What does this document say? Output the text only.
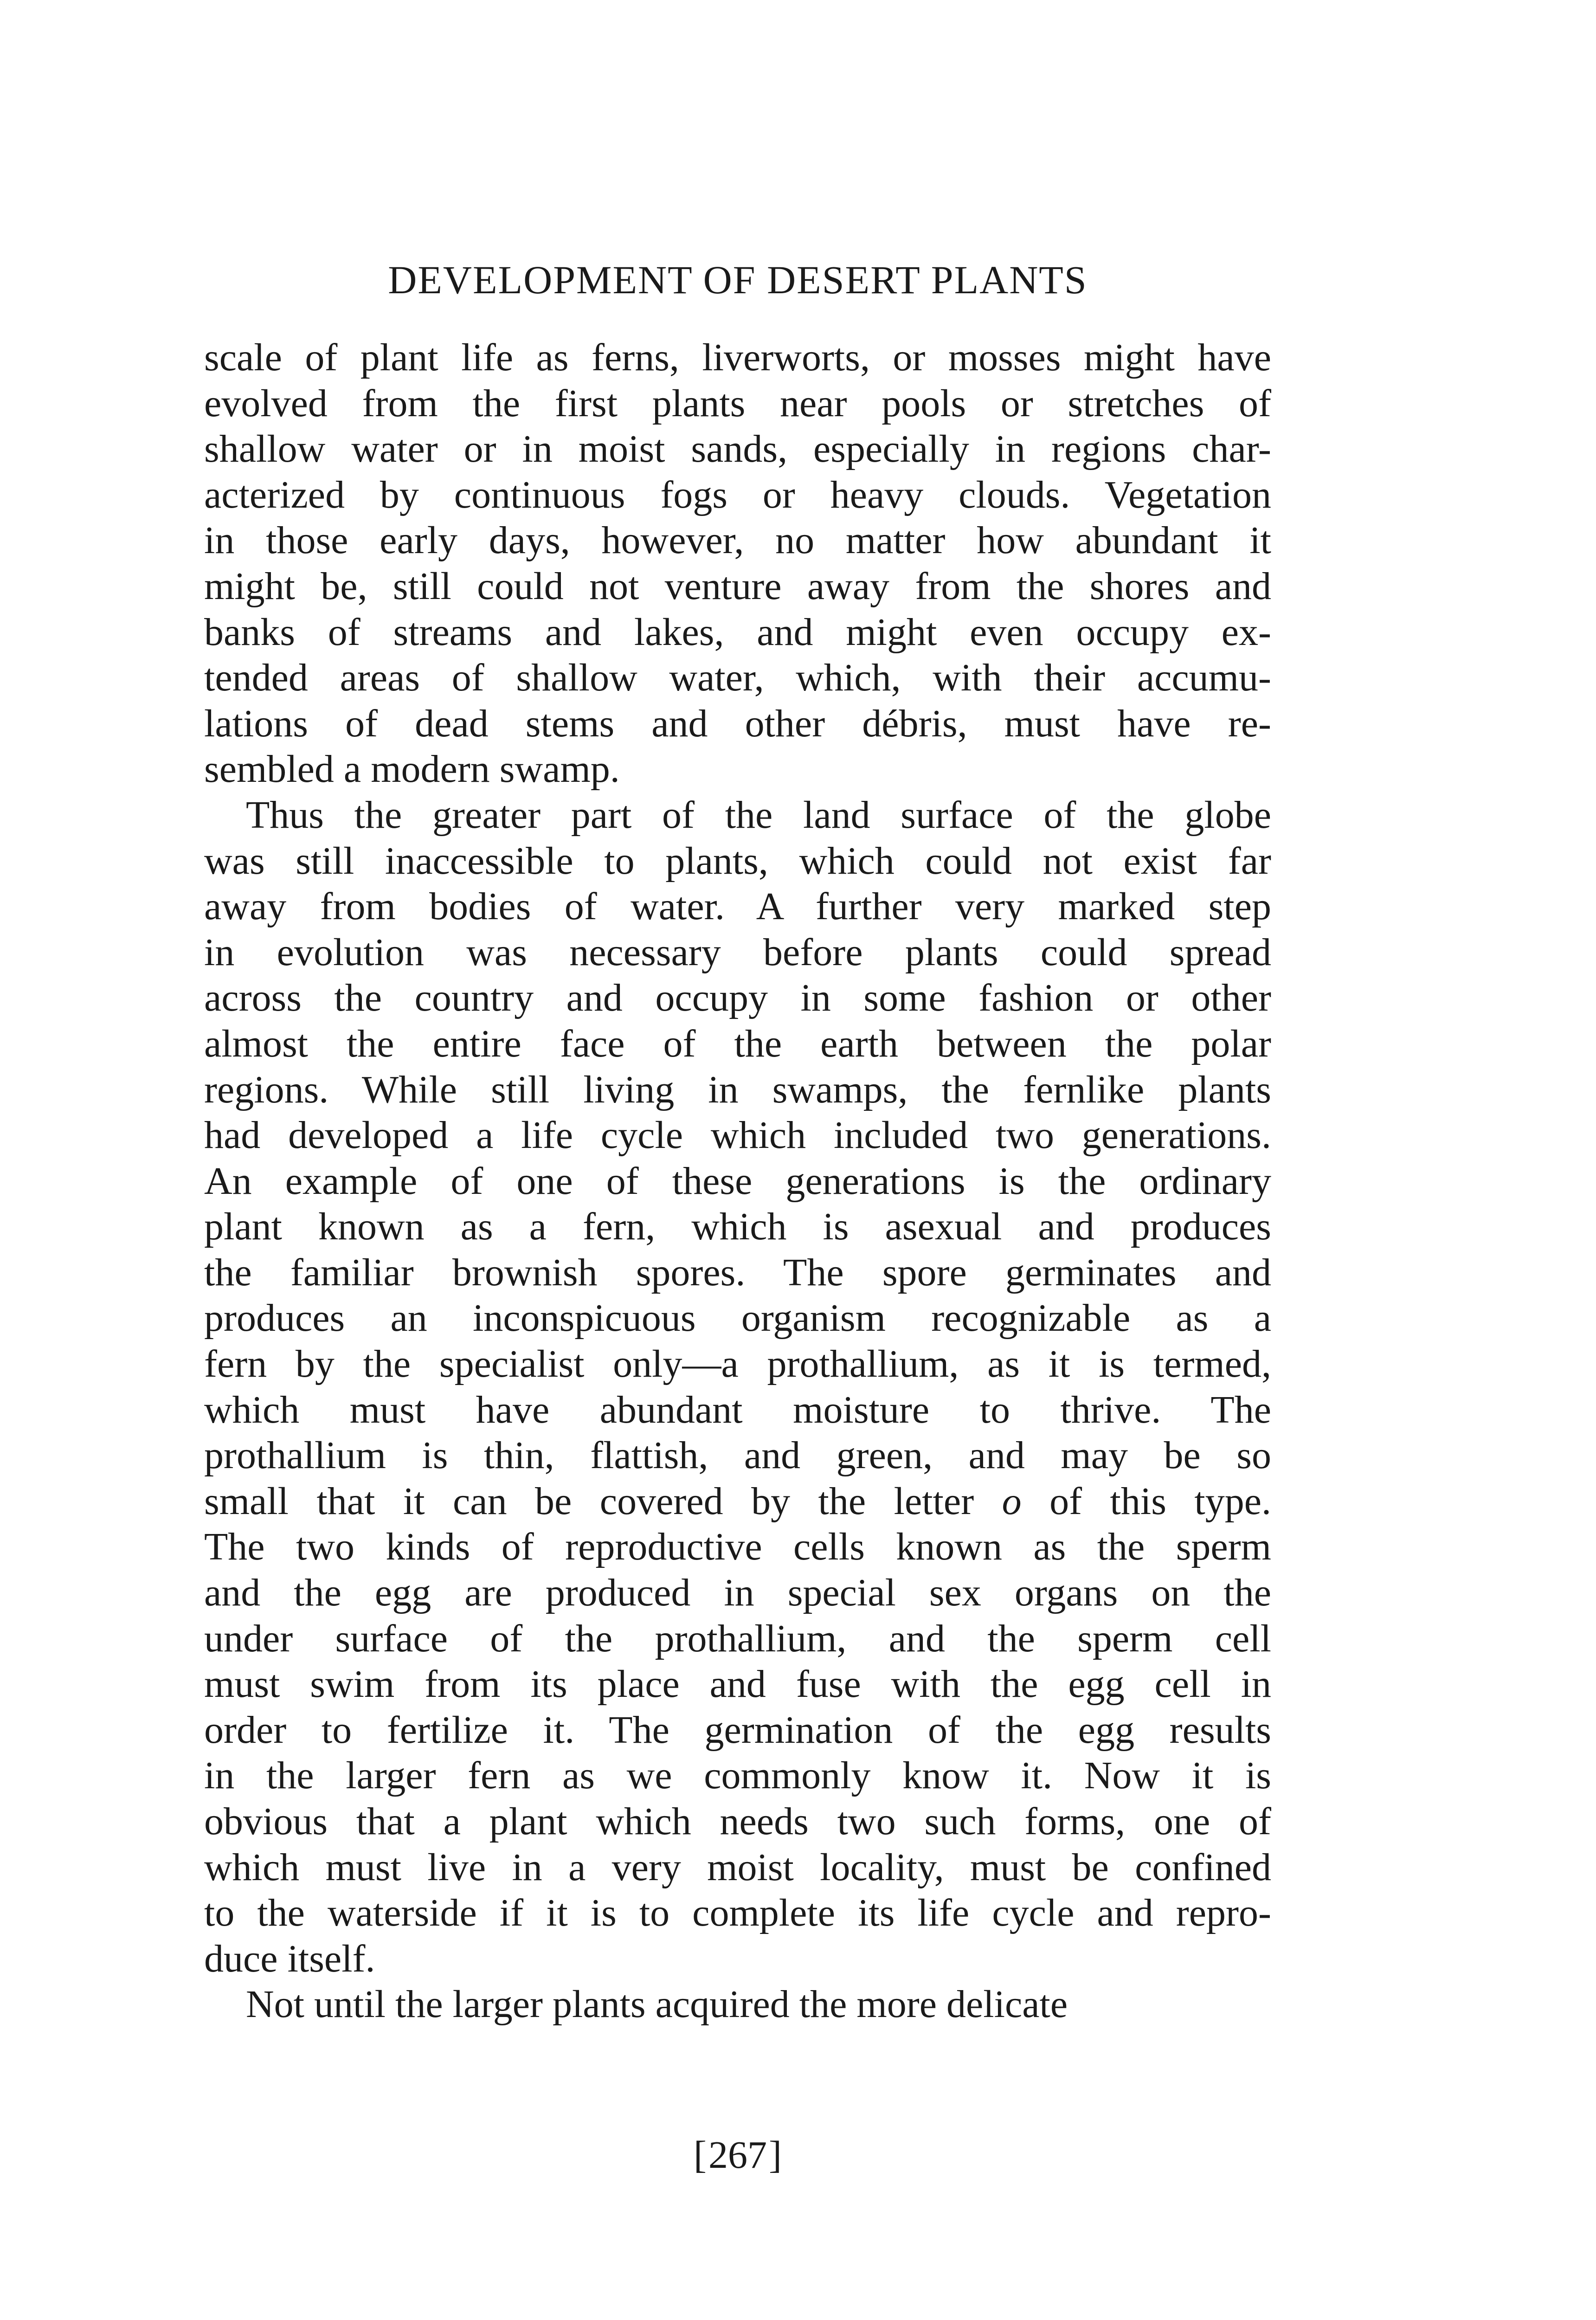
DEVELOPMENT OF DESERT PLANTS
scale of plant life as ferns, liverworts, or mosses might have
evolved from the first plants near pools or stretches of
shallow water or in moist sands, especially in regions char-
acterized by continuous fogs or heavy clouds. Vegetation
in those early days, however, no matter how abundant it
might be, still could not venture away from the shores and
banks of streams and lakes, and might even occupy ex-
tended areas of shallow water, which, with their accumu-
lations of dead stems and other débris, must have re-
sembled a modern swamp.
Thus the greater part of the land surface of the globe
was still inaccessible to plants, which could not exist far
away from bodies of water. A further very marked step
in evolution was necessary before plants could spread
across the country and occupy in some fashion or other
almost the entire face of the earth between the polar
regions. While still living in swamps, the fernlike plants
had developed a life cycle which included two generations.
An example of one of these generations is the ordinary
plant known as a fern, which is asexual and produces
the familiar brownish spores. The spore germinates and
produces an inconspicuous organism recognizable as a
fern by the specialist only—a prothallium, as it is termed,
which must have abundant moisture to thrive. The
prothallium is thin, flattish, and green, and may be so
small that it can be covered by the letter o of this type.
The two kinds of reproductive cells known as the sperm
and the egg are produced in special sex organs on the
under surface of the prothallium, and the sperm cell
must swim from its place and fuse with the egg cell in
order to fertilize it. The germination of the egg results
in the larger fern as we commonly know it. Now it is
obvious that a plant which needs two such forms, one of
which must live in a very moist locality, must be confined
to the waterside if it is to complete its life cycle and repro-
duce itself.
Not until the larger plants acquired the more delicate
[267]
